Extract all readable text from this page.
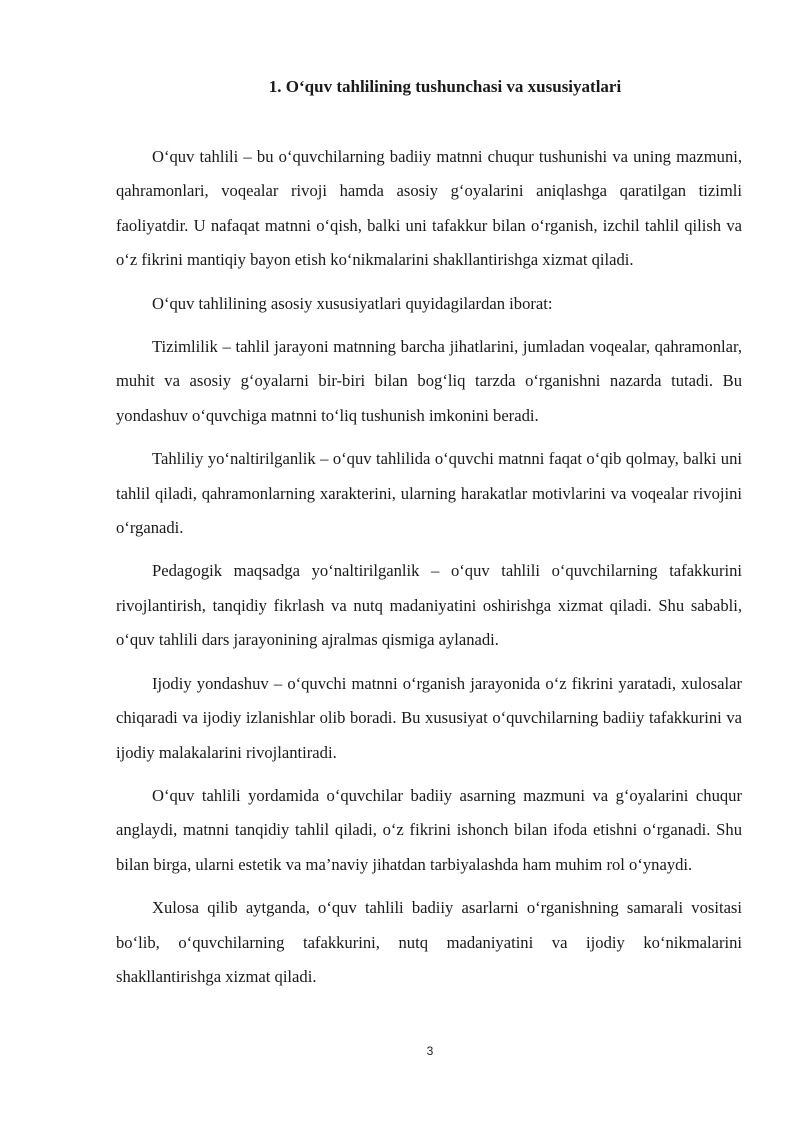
1. O‘quv tahlilining tushunchasi va xususiyatlari

O‘quv tahlili – bu o‘quvchilarning badiiy matnni chuqur tushunishi va uning mazmuni, qahramonlari, voqealar rivoji hamda asosiy g‘oyalarini aniqlashga qaratilgan tizimli faoliyatdir. U nafaqat matnni o‘qish, balki uni tafakkur bilan o‘rganish, izchil tahlil qilish va o‘z fikrini mantiqiy bayon etish ko‘nikmalarini shakllantirishga xizmat qiladi.

O‘quv tahlilining asosiy xususiyatlari quyidagilardan iborat:

Tizimlilik – tahlil jarayoni matnning barcha jihatlarini, jumladan voqealar, qahramonlar, muhit va asosiy g‘oyalarni bir-biri bilan bog‘liq tarzda o‘rganishni nazarda tutadi. Bu yondashuv o‘quvchiga matnni to‘liq tushunish imkonini beradi.

Tahliliy yo‘naltirilganlik – o‘quv tahlilida o‘quvchi matnni faqat o‘qib qolmay, balki uni tahlil qiladi, qahramonlarning xarakterini, ularning harakatlar motivlarini va voqealar rivojini o‘rganadi.

Pedagogik maqsadga yo‘naltirilganlik – o‘quv tahlili o‘quvchilarning tafakkurini rivojlantirish, tanqidiy fikrlash va nutq madaniyatini oshirishga xizmat qiladi. Shu sababli, o‘quv tahlili dars jarayonining ajralmas qismiga aylanadi.

Ijodiy yondashuv – o‘quvchi matnni o‘rganish jarayonida o‘z fikrini yaratadi, xulosalar chiqaradi va ijodiy izlanishlar olib boradi. Bu xususiyat o‘quvchilarning badiiy tafakkurini va ijodiy malakalarini rivojlantiradi.

O‘quv tahlili yordamida o‘quvchilar badiiy asarning mazmuni va g‘oyalarini chuqur anglaydi, matnni tanqidiy tahlil qiladi, o‘z fikrini ishonch bilan ifoda etishni o‘rganadi. Shu bilan birga, ularni estetik va ma’naviy jihatdan tarbiyalashda ham muhim rol o‘ynaydi.

Xulosa qilib aytganda, o‘quv tahlili badiiy asarlarni o‘rganishning samarali vositasi bo‘lib, o‘quvchilarning tafakkurini, nutq madaniyatini va ijodiy ko‘nikmalarini shakllantirishga xizmat qiladi.

3
